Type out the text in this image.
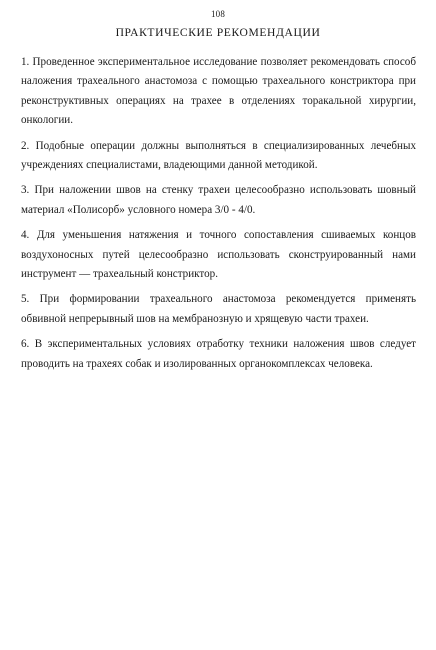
108
ПРАКТИЧЕСКИЕ РЕКОМЕНДАЦИИ

1. Проведенное экспериментальное исследование позволяет рекомендовать способ наложения трахеального анастомоза с помощью трахеального констриктора при реконструктивных операциях на трахее в отделениях торакальной хирургии, онкологии.

2. Подобные операции должны выполняться в специализированных лечебных учреждениях специалистами, владеющими данной методикой.

3. При наложении швов на стенку трахеи целесообразно использовать шовный материал «Полисорб» условного номера 3/0 - 4/0.

4. Для уменьшения натяжения и точного сопоставления сшиваемых концов воздухоносных путей целесообразно использовать сконструированный нами инструмент — трахеальный констриктор.

5. При формировании трахеального анастомоза рекомендуется применять обвивной непрерывный шов на мембранозную и хрящевую части трахеи.

6. В экспериментальных условиях отработку техники наложения швов следует проводить на трахеях собак и изолированных органокомплексах человека.
